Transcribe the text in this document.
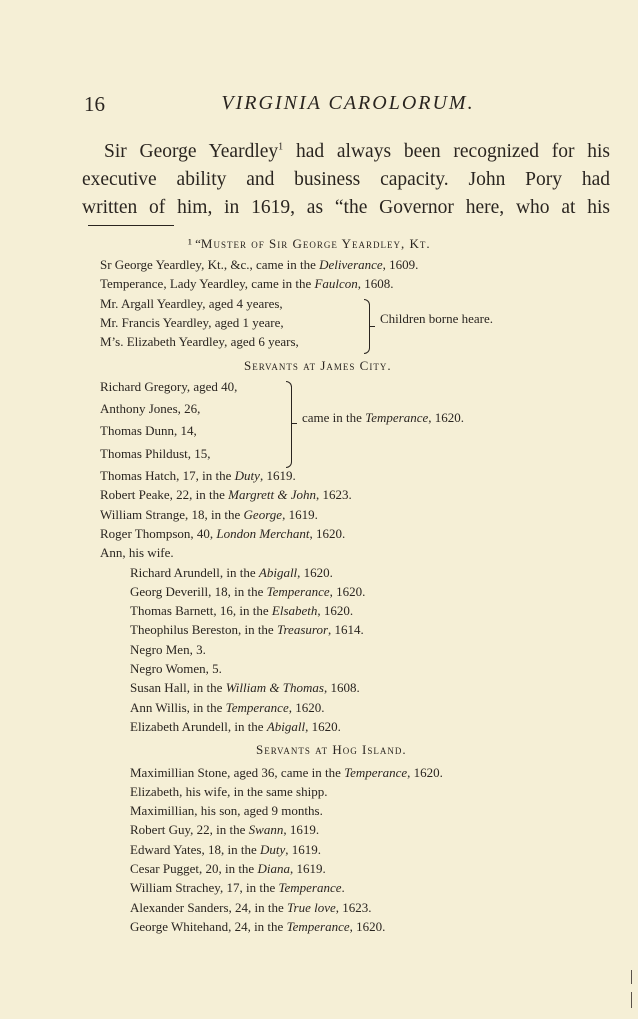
16	VIRGINIA CAROLORUM.
Sir George Yeardley$^1$ had always been recognized for his
executive ability and business capacity. John Pory had
written of him, in 1619, as “the Governor here, who at his
¹ “Muster of Sir George Yeardley, Kt.
Sr George Yeardley, Kt., &c., came in the Deliverance, 1609.
Temperance, Lady Yeardley, came in the Faulcon, 1608.
Mr. Argall Yeardley, aged 4 yeares,
Mr. Francis Yeardley, aged 1 yeare,
M’s. Elizabeth Yeardley, aged 6 years,
Children borne heare.
Servants at James City.
Richard Gregory, aged 40,
Anthony Jones, 26,
Thomas Dunn, 14,
Thomas Phildust, 15,
came in the Temperance, 1620.
Thomas Hatch, 17, in the Duty, 1619.
Robert Peake, 22, in the Margrett & John, 1623.
William Strange, 18, in the George, 1619.
Roger Thompson, 40, London Merchant, 1620.
Ann, his wife.
Richard Arundell, in the Abigall, 1620.
Georg Deverill, 18, in the Temperance, 1620.
Thomas Barnett, 16, in the Elsabeth, 1620.
Theophilus Bereston, in the Treasuror, 1614.
Negro Men, 3.
Negro Women, 5.
Susan Hall, in the William & Thomas, 1608.
Ann Willis, in the Temperance, 1620.
Elizabeth Arundell, in the Abigall, 1620.
Servants at Hog Island.
Maximillian Stone, aged 36, came in the Temperance, 1620.
Elizabeth, his wife, in the same shipp.
Maximillian, his son, aged 9 months.
Robert Guy, 22, in the Swann, 1619.
Edward Yates, 18, in the Duty, 1619.
Cesar Pugget, 20, in the Diana, 1619.
William Strachey, 17, in the Temperance.
Alexander Sanders, 24, in the True love, 1623.
George Whitehand, 24, in the Temperance, 1620.
